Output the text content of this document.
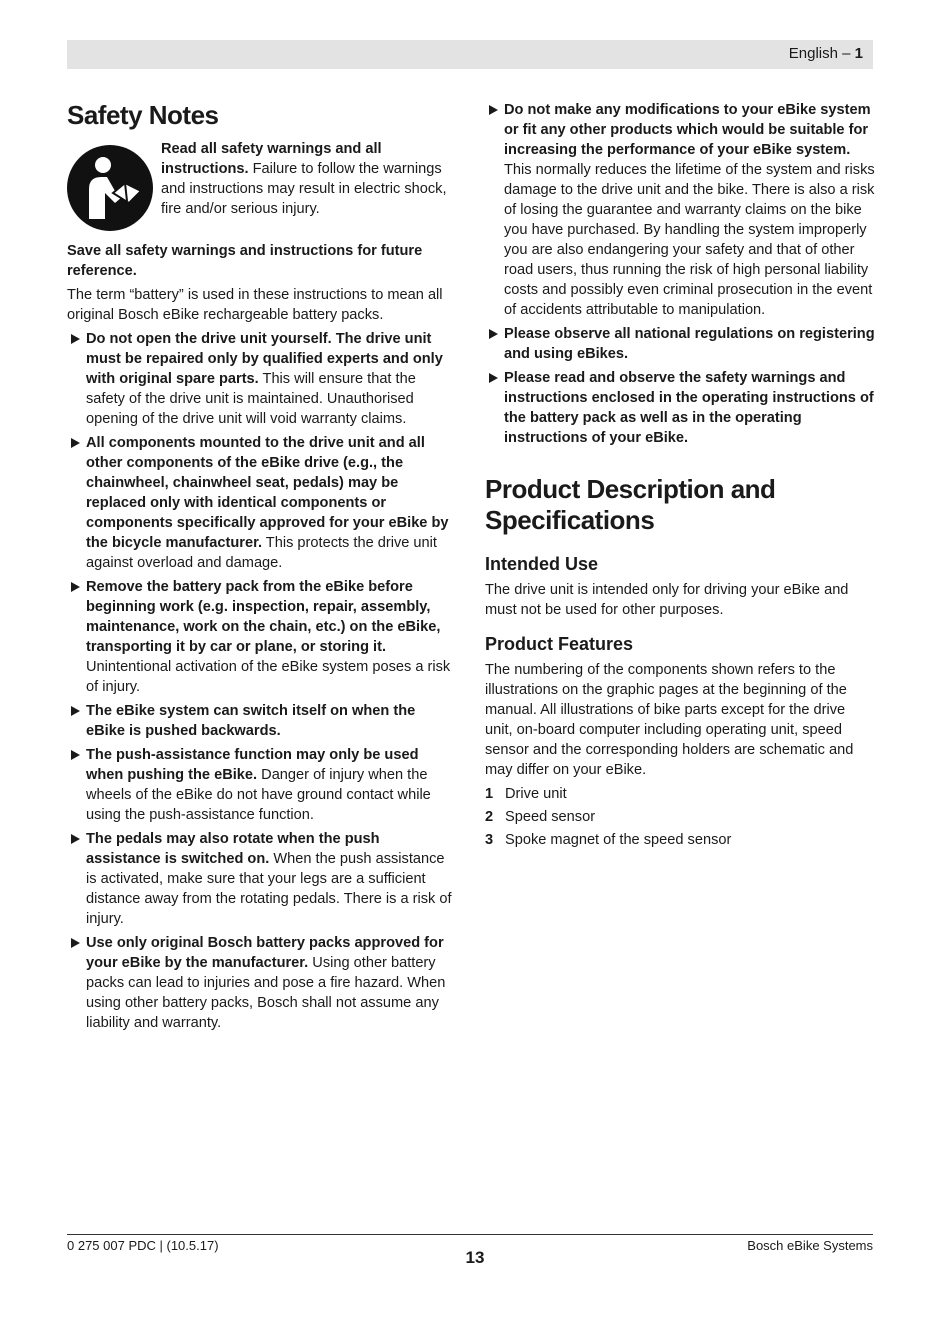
English – 1
Safety Notes
Read all safety warnings and all instructions. Failure to follow the warnings and instructions may result in electric shock, fire and/or serious injury.

Save all safety warnings and instructions for future reference.

The term “battery” is used in these instructions to mean all original Bosch eBike rechargeable battery packs.

Do not open the drive unit yourself. The drive unit must be repaired only by qualified experts and only with original spare parts. This will ensure that the safety of the drive unit is maintained. Unauthorised opening of the drive unit will void warranty claims.
All components mounted to the drive unit and all other components of the eBike drive (e.g., the chainwheel, chainwheel seat, pedals) may be replaced only with identical components or components specifically approved for your eBike by the bicycle manufacturer. This protects the drive unit against overload and damage.
Remove the battery pack from the eBike before beginning work (e.g. inspection, repair, assembly, maintenance, work on the chain, etc.) on the eBike, transporting it by car or plane, or storing it. Unintentional activation of the eBike system poses a risk of injury.
The eBike system can switch itself on when the eBike is pushed backwards.
The push-assistance function may only be used when pushing the eBike. Danger of injury when the wheels of the eBike do not have ground contact while using the push-assistance function.
The pedals may also rotate when the push assistance is switched on. When the push assistance is activated, make sure that your legs are a sufficient distance away from the rotating pedals. There is a risk of injury.
Use only original Bosch battery packs approved for your eBike by the manufacturer. Using other battery packs can lead to injuries and pose a fire hazard. When using other battery packs, Bosch shall not assume any liability and warranty.
Do not make any modifications to your eBike system or fit any other products which would be suitable for increasing the performance of your eBike system. This normally reduces the lifetime of the system and risks damage to the drive unit and the bike. There is also a risk of losing the guarantee and warranty claims on the bike you have purchased. By handling the system improperly you are also endangering your safety and that of other road users, thus running the risk of high personal liability costs and possibly even criminal prosecution in the event of accidents attributable to manipulation.
Please observe all national regulations on registering and using eBikes.
Please read and observe the safety warnings and instructions enclosed in the operating instructions of the battery pack as well as in the operating instructions of your eBike.
Product Description and Specifications
Intended Use

The drive unit is intended only for driving your eBike and must not be used for other purposes.

Product Features

The numbering of the components shown refers to the illustrations on the graphic pages at the beginning of the manual. All illustrations of bike parts except for the drive unit, on-board computer including operating unit, speed sensor and the corresponding holders are schematic and may differ on your eBike.

1 Drive unit
2 Speed sensor
3 Spoke magnet of the speed sensor
0 275 007 PDC | (10.5.17)
13
Bosch eBike Systems
